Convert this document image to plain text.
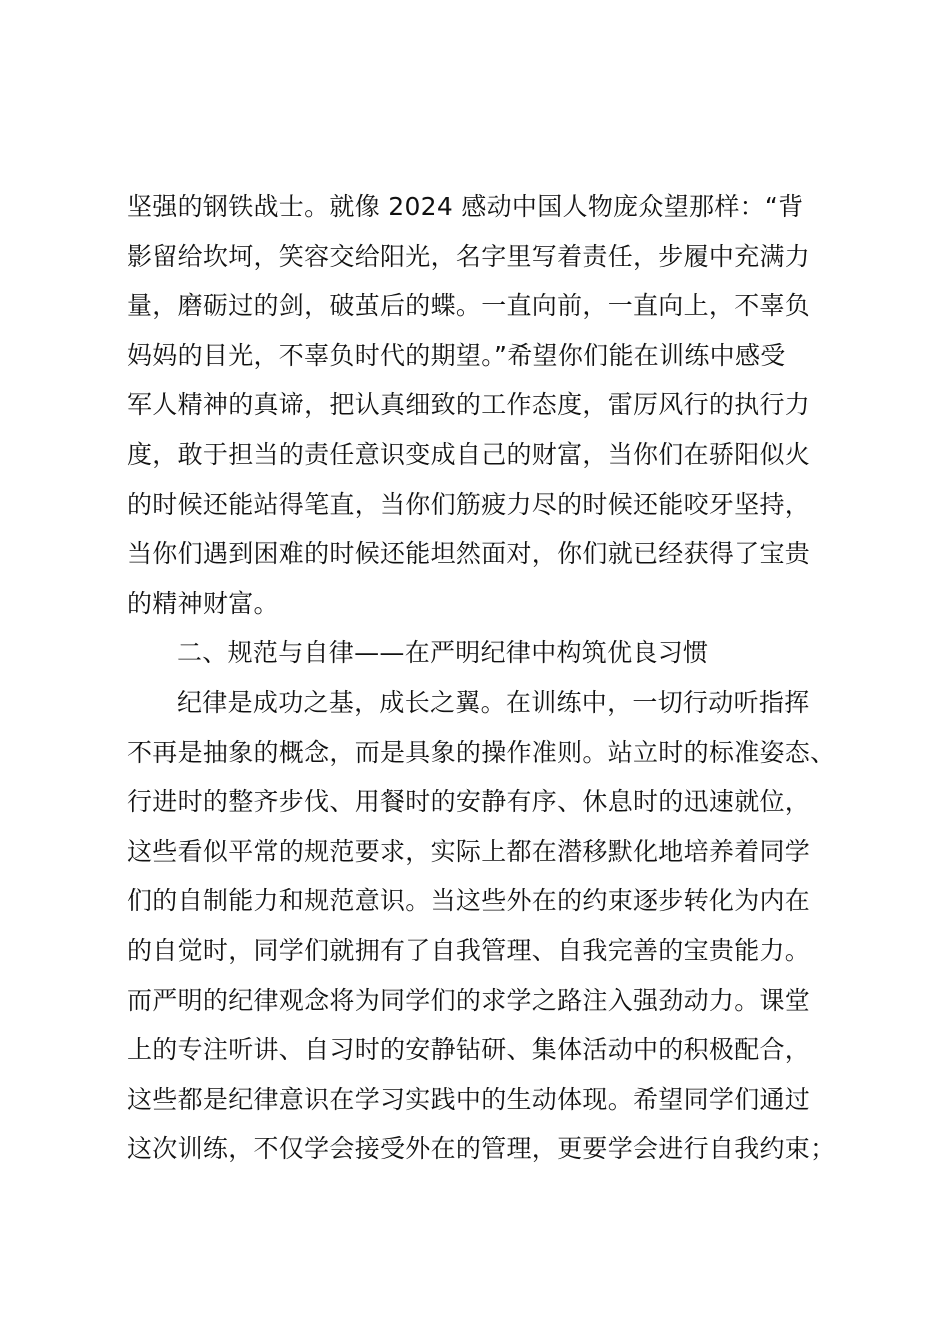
坚强的钢铁战士。就像 2024 感动中国人物庞众望那样：“背
影留给坎坷，笑容交给阳光，名字里写着责任，步履中充满力
量，磨砺过的剑，破茧后的蝶。一直向前，一直向上，不辜负
妈妈的目光，不辜负时代的期望。”希望你们能在训练中感受
军人精神的真谛，把认真细致的工作态度，雷厉风行的执行力
度，敢于担当的责任意识变成自己的财富，当你们在骄阳似火
的时候还能站得笔直，当你们筋疲力尽的时候还能咬牙坚持，
当你们遇到困难的时候还能坦然面对，你们就已经获得了宝贵
的精神财富。
二、规范与自律——在严明纪律中构筑优良习惯
纪律是成功之基，成长之翼。在训练中，一切行动听指挥
不再是抽象的概念，而是具象的操作准则。站立时的标准姿态、
行进时的整齐步伐、用餐时的安静有序、休息时的迅速就位，
这些看似平常的规范要求，实际上都在潜移默化地培养着同学
们的自制能力和规范意识。当这些外在的约束逐步转化为内在
的自觉时，同学们就拥有了自我管理、自我完善的宝贵能力。
而严明的纪律观念将为同学们的求学之路注入强劲动力。课堂
上的专注听讲、自习时的安静钻研、集体活动中的积极配合，
这些都是纪律意识在学习实践中的生动体现。希望同学们通过
这次训练，不仅学会接受外在的管理，更要学会进行自我约束；
